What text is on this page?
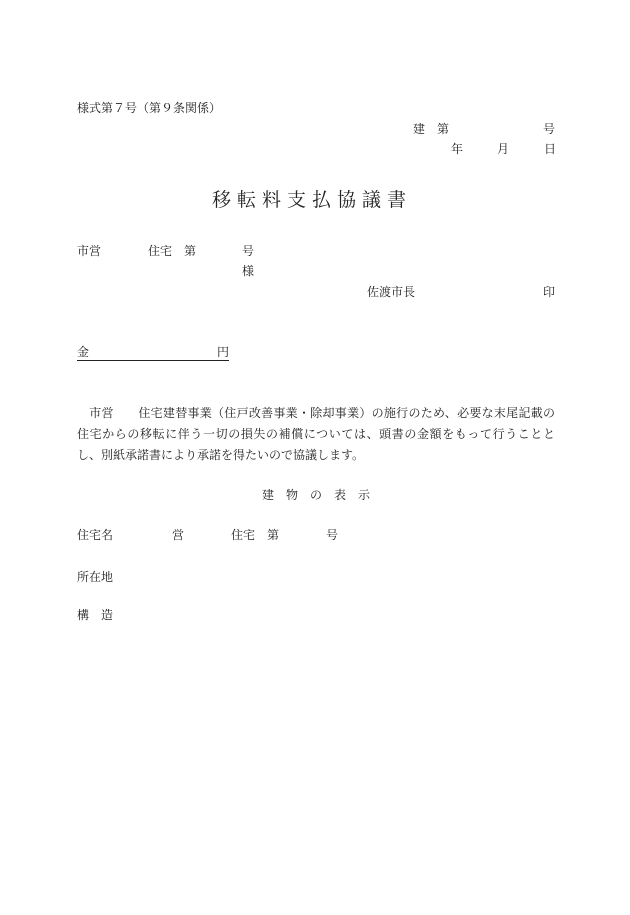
様式第７号（第９条関係）
建　第	号
年	月	日
移転料支払協議書
市営	住宅　第	号
様
佐渡市長	印
金	円
　市営　　住宅建替事業（住戸改善事業・除却事業）の施行のため、必要な末尾記載の住宅からの移転に伴う一切の損失の補償については、頭書の金額をもって行うこととし、別紙承諾書により承諾を得たいので協議します。
建　物　の　表　示
住宅名	営	住宅　第	号
所在地
構　造
